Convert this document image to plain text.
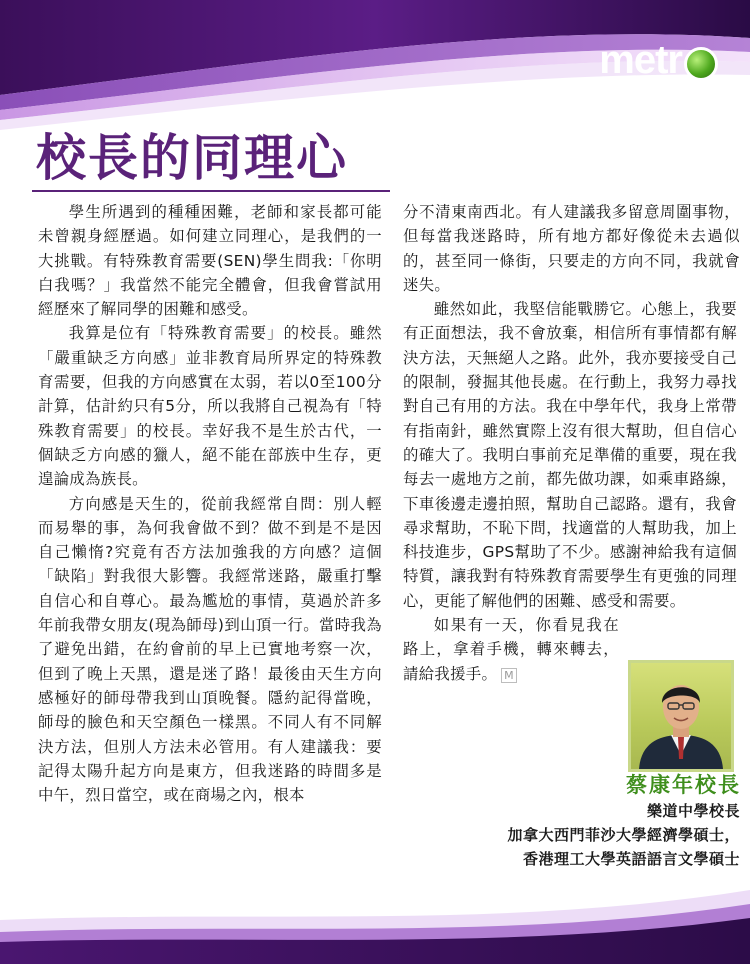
metr
校長的同理心

學生所遇到的種種困難，老師和家長都可能未曾親身經歷過。如何建立同理心，是我們的一大挑戰。有特殊教育需要(SEN)學生問我:「你明白我嗎？」我當然不能完全體會，但我會嘗試用經歷來了解同學的困難和感受。

我算是位有「特殊教育需要」的校長。雖然「嚴重缺乏方向感」並非教育局所界定的特殊教育需要，但我的方向感實在太弱，若以0至100分計算，估計約只有5分，所以我將自己視為有「特殊教育需要」的校長。幸好我不是生於古代，一個缺乏方向感的獵人，絕不能在部族中生存，更遑論成為族長。

方向感是天生的，從前我經常自問：別人輕而易舉的事，為何我會做不到？做不到是不是因自己懶惰?究竟有否方法加強我的方向感？這個「缺陷」對我很大影響。我經常迷路，嚴重打擊自信心和自尊心。最為尷尬的事情，莫過於許多年前我帶女朋友(現為師母)到山頂一行。當時我為了避免出錯，在約會前的早上已實地考察一次，但到了晚上天黑，還是迷了路！最後由天生方向感極好的師母帶我到山頂晚餐。隱約記得當晚，師母的臉色和天空顏色一樣黑。不同人有不同解決方法，但別人方法未必管用。有人建議我：要記得太陽升起方向是東方，但我迷路的時間多是中午，烈日當空，或在商場之內，根本

分不清東南西北。有人建議我多留意周圍事物，但每當我迷路時，所有地方都好像從未去過似的，甚至同一條街，只要走的方向不同，我就會迷失。

雖然如此，我堅信能戰勝它。心態上，我要有正面想法，我不會放棄，相信所有事情都有解決方法，天無絕人之路。此外，我亦要接受自己的限制，發掘其他長處。在行動上，我努力尋找對自己有用的方法。我在中學年代，我身上常帶有指南針，雖然實際上沒有很大幫助，但自信心的確大了。我明白事前充足準備的重要，現在我每去一處地方之前，都先做功課，如乘車路線，下車後邊走邊拍照，幫助自己認路。還有，我會尋求幫助，不恥下問，找適當的人幫助我，加上科技進步，GPS幫助了不少。感謝神給我有這個特質，讓我對有特殊教育需要學生有更強的同理心，更能了解他們的困難、感受和需要。

如果有一天，你看見我在路上，拿着手機，轉來轉去，請給我援手。 M

蔡康年校長
樂道中學校長
加拿大西門菲沙大學經濟學碩士，
香港理工大學英語語言文學碩士
